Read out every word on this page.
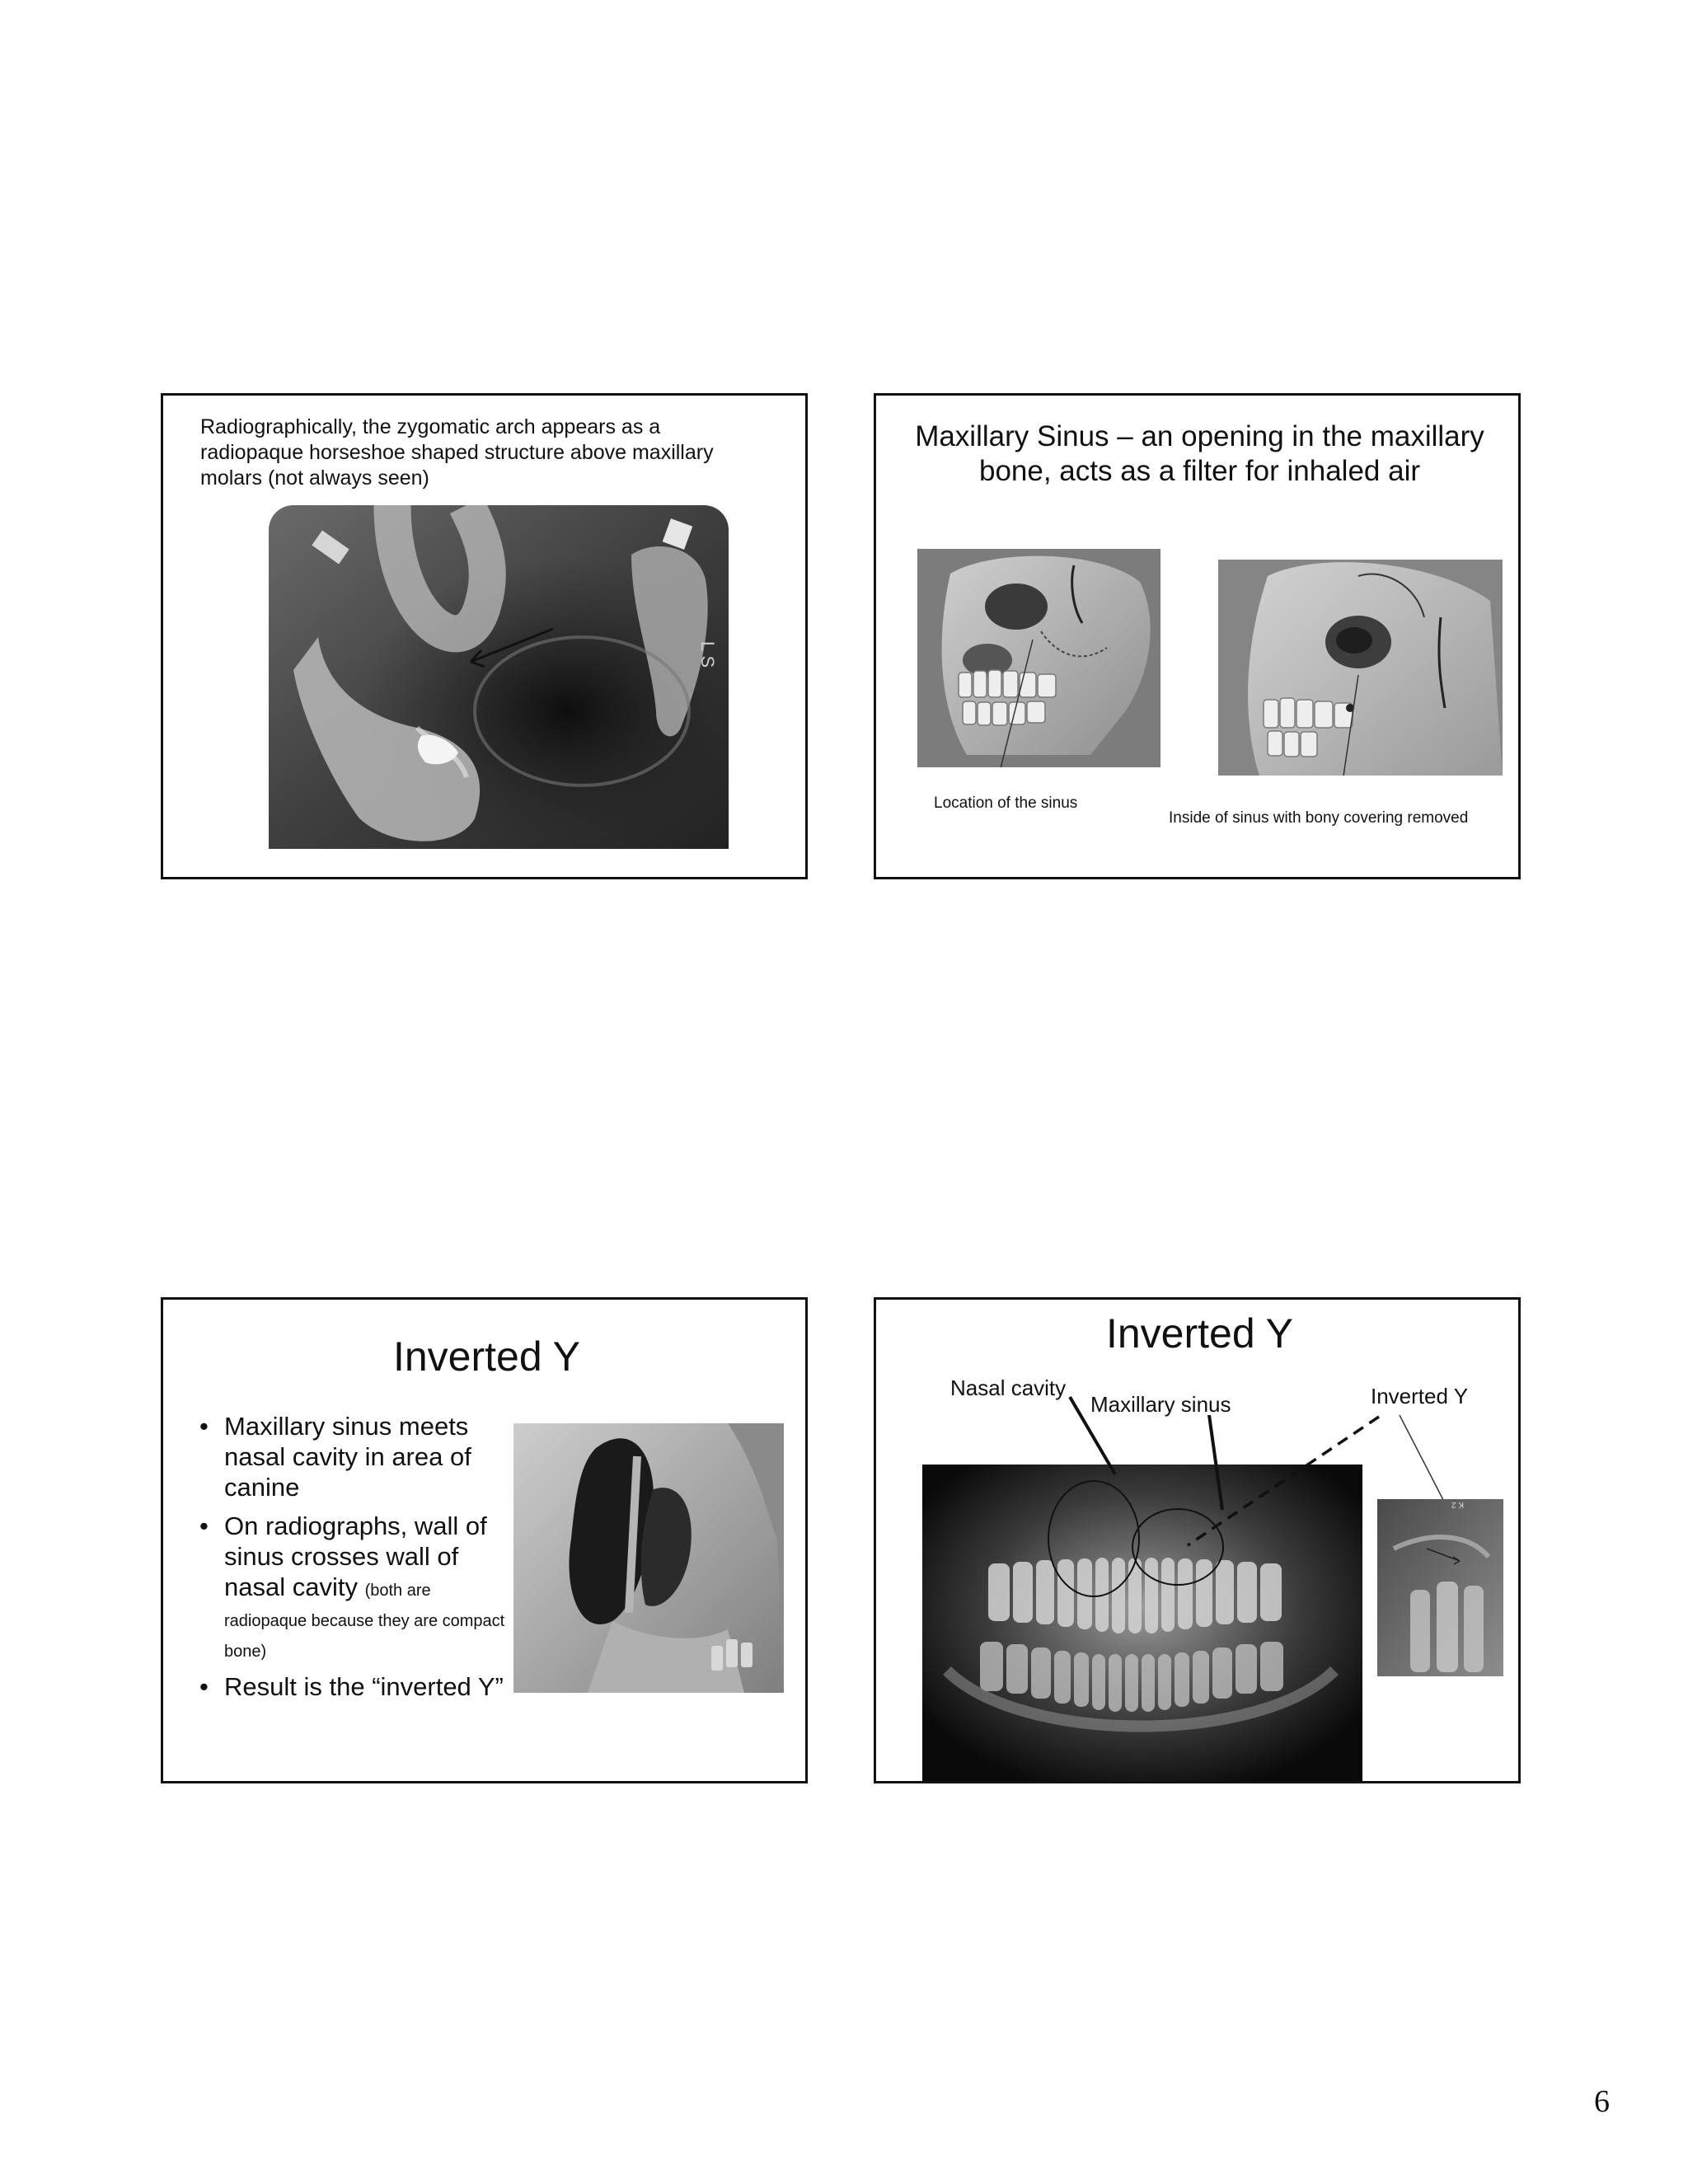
Radiographically, the zygomatic arch appears as a radiopaque horseshoe shaped structure above maxillary molars (not always seen)
L S
Maxillary Sinus – an opening in the maxillary bone, acts as a filter for inhaled air
Location of the sinus
Inside of sinus with bony covering removed
Inverted Y
• Maxillary sinus meets nasal cavity in area of canine
• On radiographs, wall of sinus crosses wall of nasal cavity (both are radiopaque because they are compact bone)
• Result is the “inverted Y”
Inverted Y
Nasal cavity
Maxillary sinus	Inverted Y
K 2
6
